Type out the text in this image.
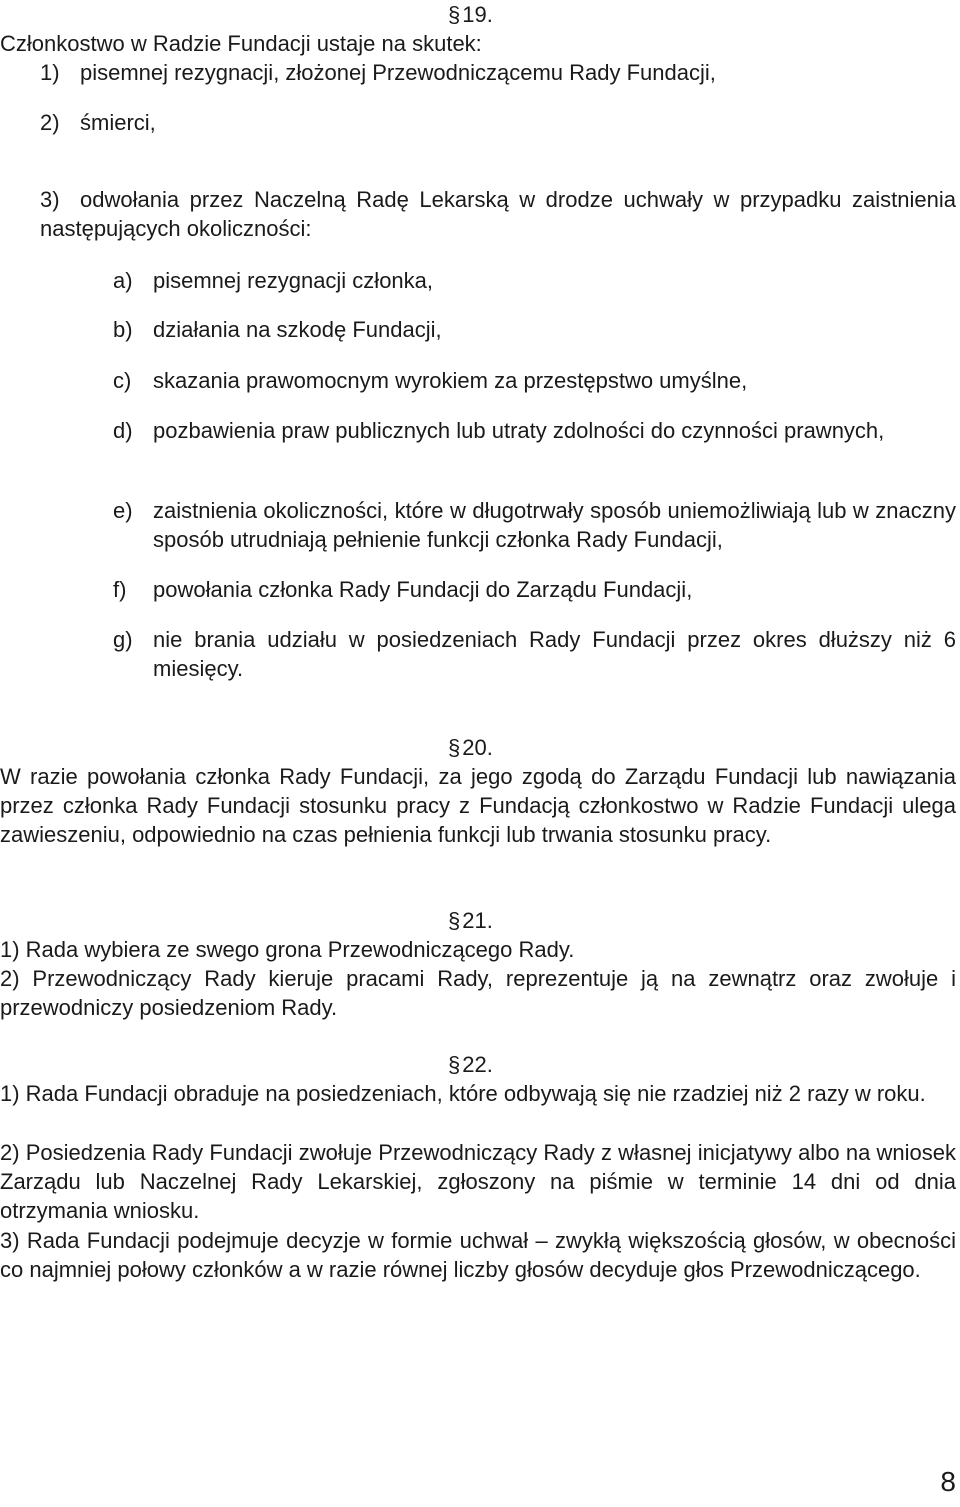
§19.

Członkostwo w Radzie Fundacji ustaje na skutek:

1) pisemnej rezygnacji, złożonej Przewodniczącemu Rady Fundacji,

2) śmierci,

3) odwołania przez Naczelną Radę Lekarską w drodze uchwały w przypadku zaistnienia następujących okoliczności:

a) pisemnej rezygnacji członka,

b) działania na szkodę Fundacji,

c) skazania prawomocnym wyrokiem za przestępstwo umyślne,

d) pozbawienia praw publicznych lub utraty zdolności do czynności prawnych,

e) zaistnienia okoliczności, które w długotrwały sposób uniemożliwiają lub w znaczny sposób utrudniają pełnienie funkcji członka Rady Fundacji,

f) powołania członka Rady Fundacji do Zarządu Fundacji,

g) nie brania udziału w posiedzeniach Rady Fundacji przez okres dłuższy niż 6 miesięcy.

§20.

W razie powołania członka Rady Fundacji, za jego zgodą do Zarządu Fundacji lub nawiązania przez członka Rady Fundacji stosunku pracy z Fundacją członkostwo w Radzie Fundacji ulega zawieszeniu, odpowiednio na czas pełnienia funkcji lub trwania stosunku pracy.

§21.

1) Rada wybiera ze swego grona Przewodniczącego Rady.

2) Przewodniczący Rady kieruje pracami Rady, reprezentuje ją na zewnątrz oraz zwołuje i przewodniczy posiedzeniom Rady.

§22.

1) Rada Fundacji obraduje na posiedzeniach, które odbywają się nie rzadziej niż 2 razy w roku.

2) Posiedzenia Rady Fundacji zwołuje Przewodniczący Rady z własnej inicjatywy albo na wniosek Zarządu lub Naczelnej Rady Lekarskiej, zgłoszony na piśmie w terminie 14 dni od dnia otrzymania wniosku.

3) Rada Fundacji podejmuje decyzje w formie uchwał – zwykłą większością głosów, w obecności co najmniej połowy członków a w razie równej liczby głosów decyduje głos Przewodniczącego.

8
